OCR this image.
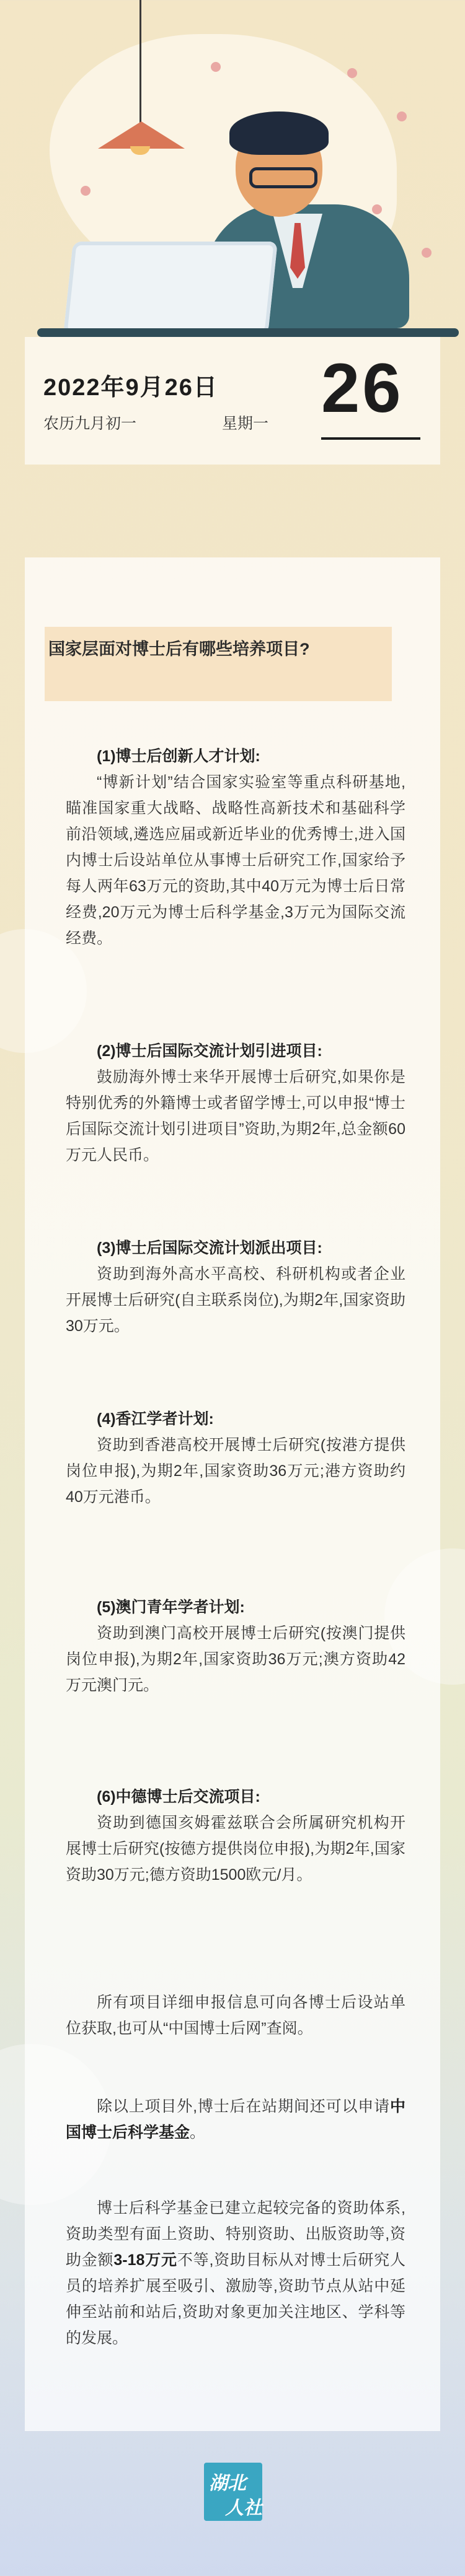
2022年9月26日
农历九月初一	星期一 26
国家层面对博士后有哪些培养项目?

(1)博士后创新人才计划:

“博新计划”结合国家实验室等重点科研基地,瞄准国家重大战略、战略性高新技术和基础科学前沿领域,遴选应届或新近毕业的优秀博士,进入国内博士后设站单位从事博士后研究工作,国家给予每人两年63万元的资助,其中40万元为博士后日常经费,20万元为博士后科学基金,3万元为国际交流经费。

(2)博士后国际交流计划引进项目:

鼓励海外博士来华开展博士后研究,如果你是特别优秀的外籍博士或者留学博士,可以申报“博士后国际交流计划引进项目”资助,为期2年,总金额60万元人民币。

(3)博士后国际交流计划派出项目:

资助到海外高水平高校、科研机构或者企业开展博士后研究(自主联系岗位),为期2年,国家资助30万元。

(4)香江学者计划:

资助到香港高校开展博士后研究(按港方提供岗位申报),为期2年,国家资助36万元;港方资助约40万元港币。

(5)澳门青年学者计划:

资助到澳门高校开展博士后研究(按澳门提供岗位申报),为期2年,国家资助36万元;澳方资助42万元澳门元。

(6)中德博士后交流项目:

资助到德国亥姆霍兹联合会所属研究机构开展博士后研究(按德方提供岗位申报),为期2年,国家资助30万元;德方资助1500欧元/月。

所有项目详细申报信息可向各博士后设站单位获取,也可从“中国博士后网”查阅。

除以上项目外,博士后在站期间还可以申请中国博士后科学基金。

博士后科学基金已建立起较完备的资助体系,资助类型有面上资助、特别资助、出版资助等,资助金额3-18万元不等,资助目标从对博士后研究人员的培养扩展至吸引、激励等,资助节点从站中延伸至站前和站后,资助对象更加关注地区、学科等的发展。

湖北
人社
